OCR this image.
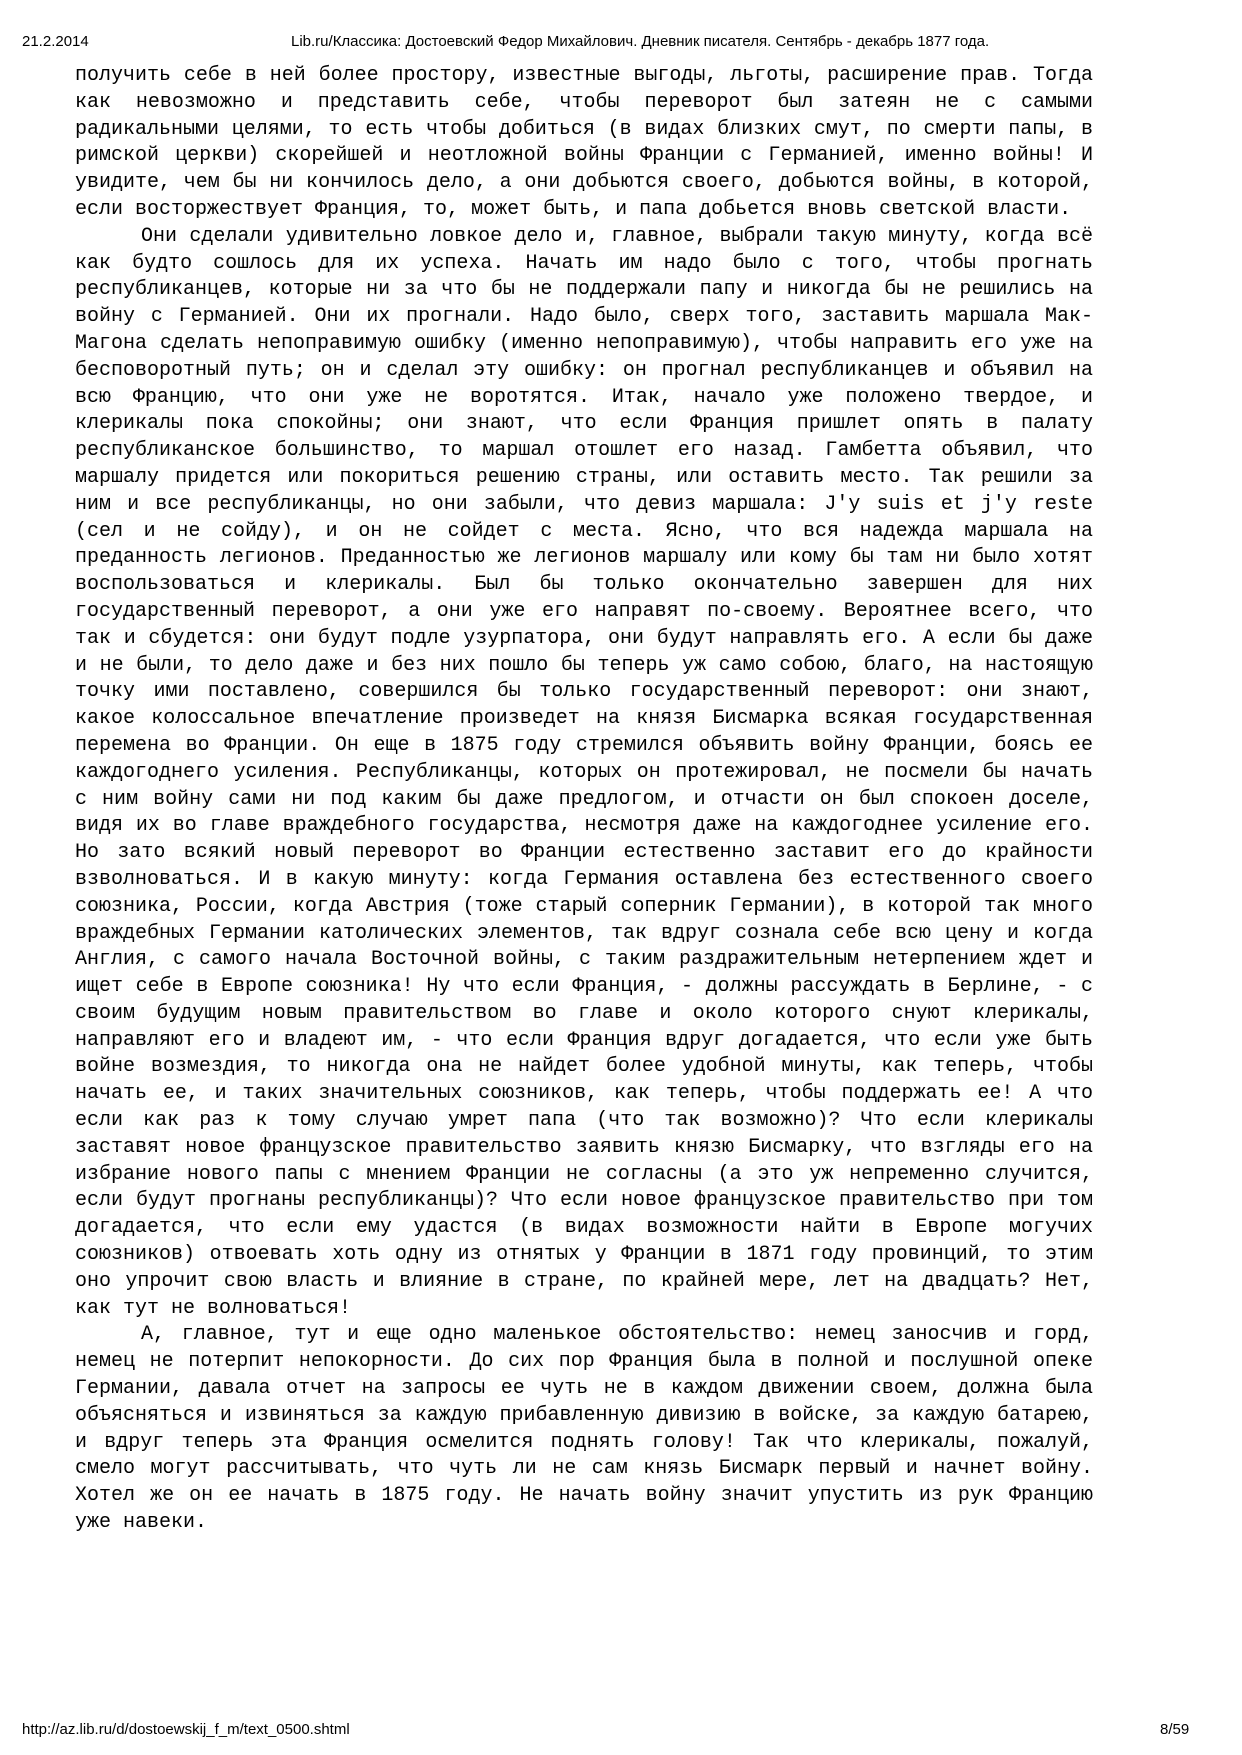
21.2.2014	Lib.ru/Классика: Достоевский Федор Михайлович. Дневник писателя. Сентябрь - декабрь 1877 года.

получить себе в ней более простору, известные выгоды, льготы, расширение прав. Тогда как невозможно и представить себе, чтобы переворот был затеян не с самыми радикальными целями, то есть чтобы добиться (в видах близких смут, по смерти папы, в римской церкви) скорейшей и неотложной войны Франции с Германией, именно войны! И увидите, чем бы ни кончилось дело, а они добьются своего, добьются войны, в которой, если восторжествует Франция, то, может быть, и папа добьется вновь светской власти.

Они сделали удивительно ловкое дело и, главное, выбрали такую минуту, когда всё как будто сошлось для их успеха. Начать им надо было с того, чтобы прогнать республиканцев, которые ни за что бы не поддержали папу и никогда бы не решились на войну с Германией. Они их прогнали. Надо было, сверх того, заставить маршала Мак-Магона сделать непоправимую ошибку (именно непоправимую), чтобы направить его уже на бесповоротный путь; он и сделал эту ошибку: он прогнал республиканцев и объявил на всю Францию, что они уже не воротятся. Итак, начало уже положено твердое, и клерикалы пока спокойны; они знают, что если Франция пришлет опять в палату республиканское большинство, то маршал отошлет его назад. Гамбетта объявил, что маршалу придется или покориться решению страны, или оставить место. Так решили за ним и все республиканцы, но они забыли, что девиз маршала: J'y suis et j'y reste (сел и не сойду), и он не сойдет с места. Ясно, что вся надежда маршала на преданность легионов. Преданностью же легионов маршалу или кому бы там ни было хотят воспользоваться и клерикалы. Был бы только окончательно завершен для них государственный переворот, а они уже его направят по-своему. Вероятнее всего, что так и сбудется: они будут подле узурпатора, они будут направлять его. А если бы даже и не были, то дело даже и без них пошло бы теперь уж само собою, благо, на настоящую точку ими поставлено, совершился бы только государственный переворот: они знают, какое колоссальное впечатление произведет на князя Бисмарка всякая государственная перемена во Франции. Он еще в 1875 году стремился объявить войну Франции, боясь ее каждогоднего усиления. Республиканцы, которых он протежировал, не посмели бы начать с ним войну сами ни под каким бы даже предлогом, и отчасти он был спокоен доселе, видя их во главе враждебного государства, несмотря даже на каждогоднее усиление его. Но зато всякий новый переворот во Франции естественно заставит его до крайности взволноваться. И в какую минуту: когда Германия оставлена без естественного своего союзника, России, когда Австрия (тоже старый соперник Германии), в которой так много враждебных Германии католических элементов, так вдруг сознала себе всю цену и когда Англия, с самого начала Восточной войны, с таким раздражительным нетерпением ждет и ищет себе в Европе союзника! Ну что если Франция, - должны рассуждать в Берлине, - с своим будущим новым правительством во главе и около которого снуют клерикалы, направляют его и владеют им, - что если Франция вдруг догадается, что если уже быть войне возмездия, то никогда она не найдет более удобной минуты, как теперь, чтобы начать ее, и таких значительных союзников, как теперь, чтобы поддержать ее! А что если как раз к тому случаю умрет папа (что так возможно)? Что если клерикалы заставят новое французское правительство заявить князю Бисмарку, что взгляды его на избрание нового папы с мнением Франции не согласны (а это уж непременно случится, если будут прогнаны республиканцы)? Что если новое французское правительство при том догадается, что если ему удастся (в видах возможности найти в Европе могучих союзников) отвоевать хоть одну из отнятых у Франции в 1871 году провинций, то этим оно упрочит свою власть и влияние в стране, по крайней мере, лет на двадцать? Нет, как тут не волноваться!

А, главное, тут и еще одно маленькое обстоятельство: немец заносчив и горд, немец не потерпит непокорности. До сих пор Франция была в полной и послушной опеке Германии, давала отчет на запросы ее чуть не в каждом движении своем, должна была объясняться и извиняться за каждую прибавленную дивизию в войске, за каждую батарею, и вдруг теперь эта Франция осмелится поднять голову! Так что клерикалы, пожалуй, смело могут рассчитывать, что чуть ли не сам князь Бисмарк первый и начнет войну. Хотел же он ее начать в 1875 году. Не начать войну значит упустить из рук Францию уже навеки.

http://az.lib.ru/d/dostoewskij_f_m/text_0500.shtml	8/59
